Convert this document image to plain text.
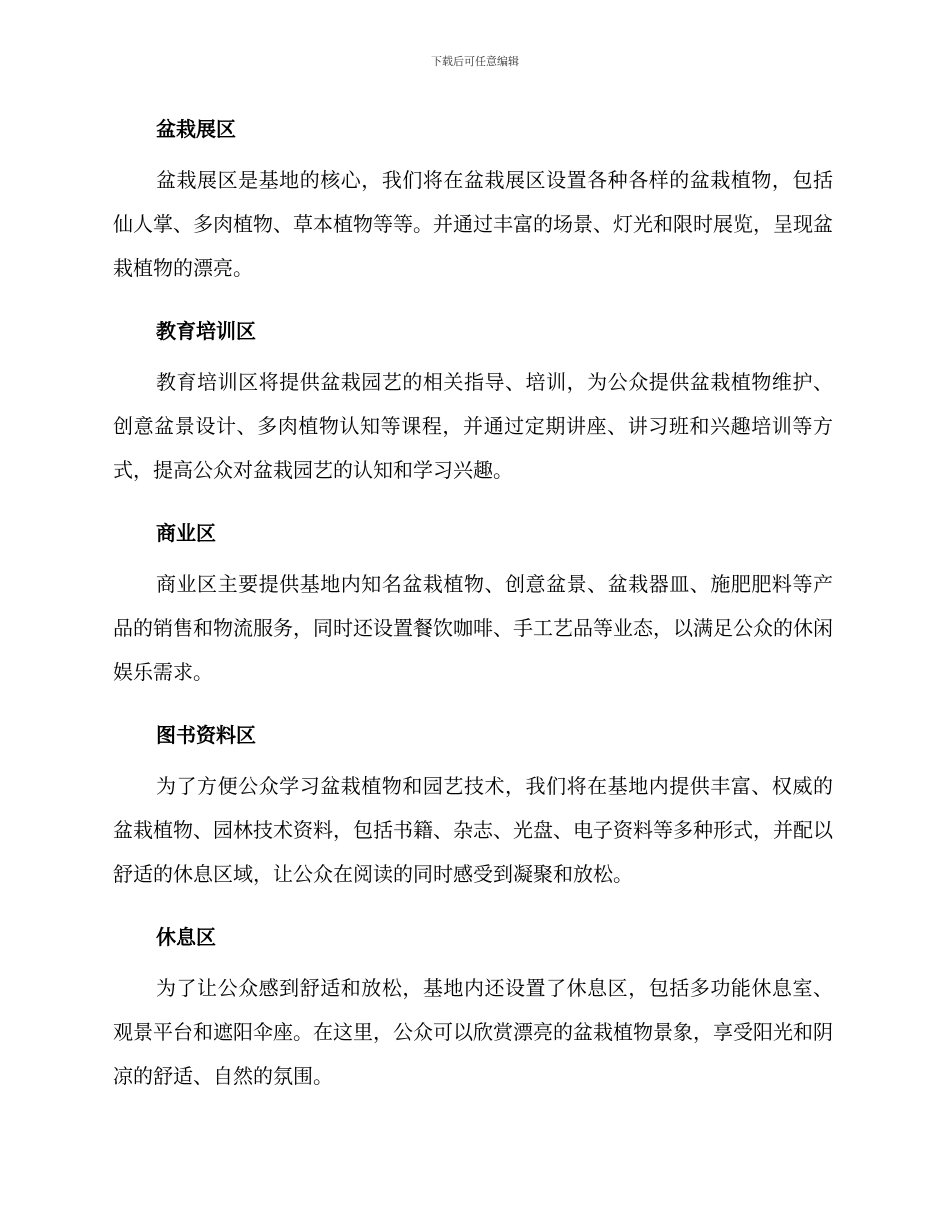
下载后可任意编辑
盆栽展区

盆栽展区是基地的核心，我们将在盆栽展区设置各种各样的盆栽植物，包括仙人掌、多肉植物、草本植物等等。并通过丰富的场景、灯光和限时展览，呈现盆栽植物的漂亮。

教育培训区

教育培训区将提供盆栽园艺的相关指导、培训，为公众提供盆栽植物维护、创意盆景设计、多肉植物认知等课程，并通过定期讲座、讲习班和兴趣培训等方式，提高公众对盆栽园艺的认知和学习兴趣。

商业区

商业区主要提供基地内知名盆栽植物、创意盆景、盆栽器皿、施肥肥料等产品的销售和物流服务，同时还设置餐饮咖啡、手工艺品等业态，以满足公众的休闲娱乐需求。

图书资料区

为了方便公众学习盆栽植物和园艺技术，我们将在基地内提供丰富、权威的盆栽植物、园林技术资料，包括书籍、杂志、光盘、电子资料等多种形式，并配以舒适的休息区域，让公众在阅读的同时感受到凝聚和放松。

休息区

为了让公众感到舒适和放松，基地内还设置了休息区，包括多功能休息室、观景平台和遮阳伞座。在这里，公众可以欣赏漂亮的盆栽植物景象，享受阳光和阴凉的舒适、自然的氛围。
